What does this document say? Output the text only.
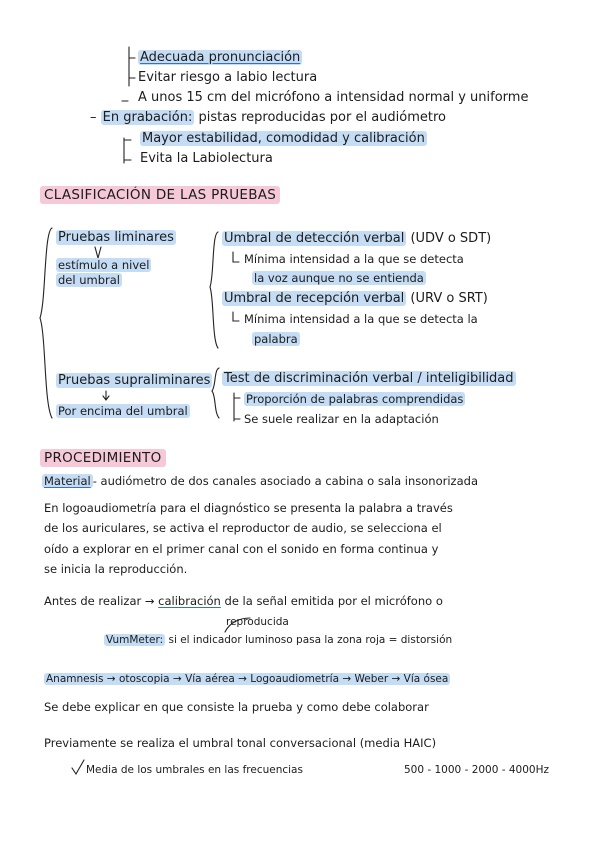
Adecuada pronunciación
Evitar riesgo a labio lectura
A unos 15 cm del micrófono a intensidad normal y uniforme
– En grabación: pistas reproducidas por el audiómetro
Mayor estabilidad, comodidad y calibración
Evita la Labiolectura
CLASIFICACIÓN DE LAS PRUEBAS
Pruebas liminares
estímulo a nivel
del umbral
Umbral de detección verbal (UDV o SDT)
Mínima intensidad a la que se detecta
la voz aunque no se entienda
Umbral de recepción verbal (URV o SRT)
Mínima intensidad a la que se detecta la
palabra
Pruebas supraliminares
Por encima del umbral
Test de discriminación verbal / inteligibilidad
Proporción de palabras comprendidas
Se suele realizar en la adaptación
PROCEDIMIENTO
Material - audiómetro de dos canales asociado a cabina o sala insonorizada
En logoaudiometría para el diagnóstico se presenta la palabra a través
de los auriculares, se activa el reproductor de audio, se selecciona el
oído a explorar en el primer canal con el sonido en forma continua y
se inicia la reproducción.
Antes de realizar → calibración de la señal emitida por el micrófono o
reproducida
VumMeter: si el indicador luminoso pasa la zona roja = distorsión
Anamnesis → otoscopia → Vía aérea → Logoaudiometría → Weber → Vía ósea
Se debe explicar en que consiste la prueba y como debe colaborar
Previamente se realiza el umbral tonal conversacional (media HAIC)
Media de los umbrales en las frecuencias	500 - 1000 - 2000 - 4000Hz
